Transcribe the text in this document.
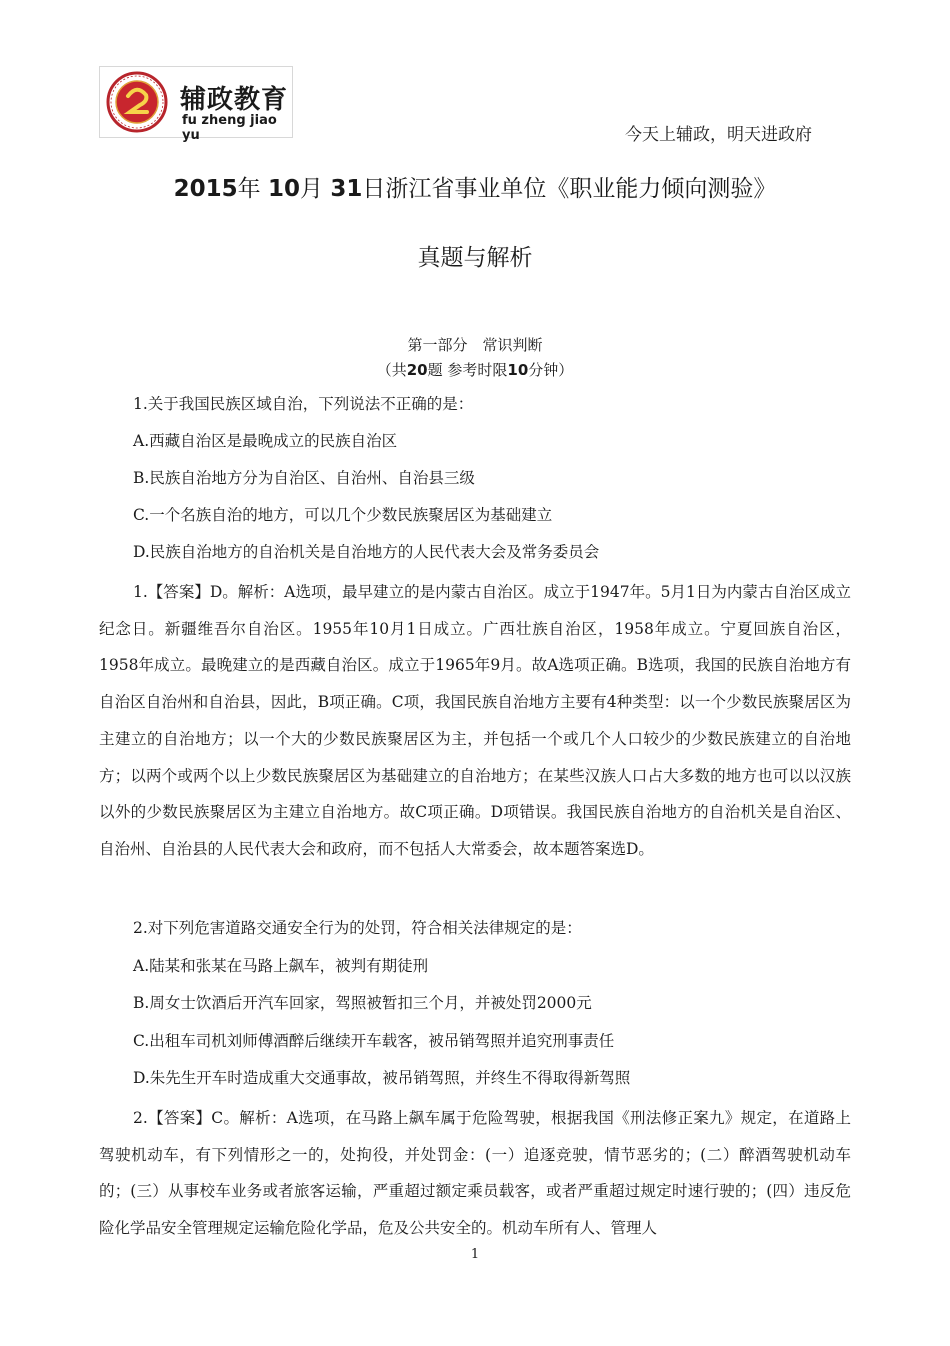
辅政教育
fu zheng jiao yu	今天上辅政，明天进政府
2015年 10月 31日浙江省事业单位《职业能力倾向测验》
真题与解析
第一部分　常识判断
（共20题 参考时限10分钟）
1.关于我国民族区域自治，下列说法不正确的是：
A.西藏自治区是最晚成立的民族自治区
B.民族自治地方分为自治区、自治州、自治县三级
C.一个名族自治的地方，可以几个少数民族聚居区为基础建立
D.民族自治地方的自治机关是自治地方的人民代表大会及常务委员会
1.【答案】D。解析：A选项，最早建立的是内蒙古自治区。成立于1947年。5月1日为内蒙古自治区成立纪念日。新疆维吾尔自治区。1955年10月1日成立。广西壮族自治区，1958年成立。宁夏回族自治区，1958年成立。最晚建立的是西藏自治区。成立于1965年9月。故A选项正确。B选项，我国的民族自治地方有自治区自治州和自治县，因此，B项正确。C项，我国民族自治地方主要有4种类型：以一个少数民族聚居区为主建立的自治地方；以一个大的少数民族聚居区为主，并包括一个或几个人口较少的少数民族建立的自治地方；以两个或两个以上少数民族聚居区为基础建立的自治地方；在某些汉族人口占大多数的地方也可以以汉族以外的少数民族聚居区为主建立自治地方。故C项正确。D项错误。我国民族自治地方的自治机关是自治区、自治州、自治县的人民代表大会和政府，而不包括人大常委会，故本题答案选D。
2.对下列危害道路交通安全行为的处罚，符合相关法律规定的是：
A.陆某和张某在马路上飙车，被判有期徒刑
B.周女士饮酒后开汽车回家，驾照被暂扣三个月，并被处罚2000元
C.出租车司机刘师傅酒醉后继续开车载客，被吊销驾照并追究刑事责任
D.朱先生开车时造成重大交通事故，被吊销驾照，并终生不得取得新驾照
2.【答案】C。解析：A选项，在马路上飙车属于危险驾驶，根据我国《刑法修正案九》规定，在道路上驾驶机动车，有下列情形之一的，处拘役，并处罚金：(一）追逐竞驶，情节恶劣的；(二）醉酒驾驶机动车的；(三）从事校车业务或者旅客运输，严重超过额定乘员载客，或者严重超过规定时速行驶的；(四）违反危险化学品安全管理规定运输危险化学品，危及公共安全的。机动车所有人、管理人
1
